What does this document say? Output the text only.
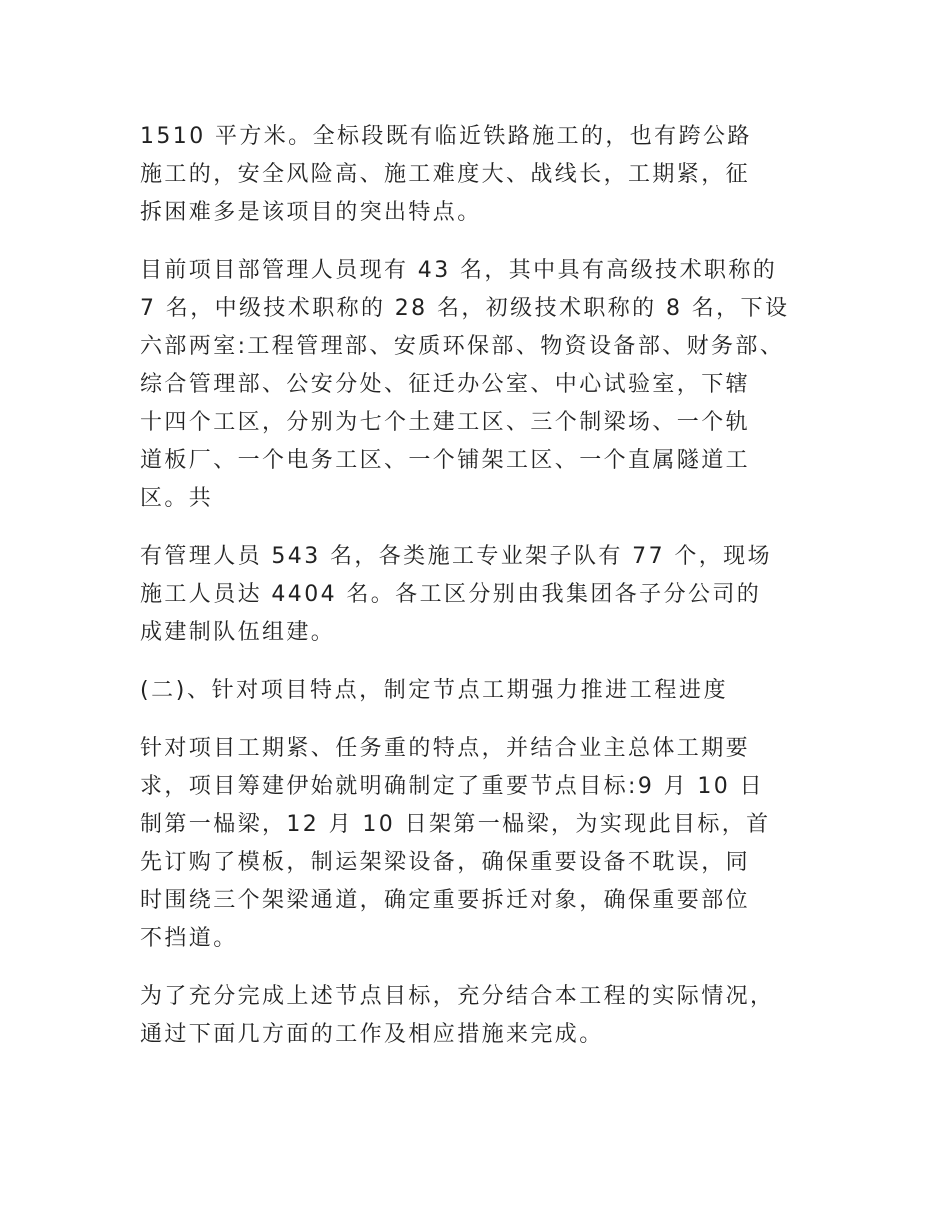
1510 平方米。全标段既有临近铁路施工的，也有跨公路
施工的，安全风险高、施工难度大、战线长，工期紧，征
拆困难多是该项目的突出特点。

目前项目部管理人员现有 43 名，其中具有高级技术职称的
7 名，中级技术职称的 28 名，初级技术职称的 8 名，下设
六部两室:工程管理部、安质环保部、物资设备部、财务部、
综合管理部、公安分处、征迁办公室、中心试验室，下辖
十四个工区，分别为七个土建工区、三个制梁场、一个轨
道板厂、一个电务工区、一个铺架工区、一个直属隧道工
区。共

有管理人员 543 名，各类施工专业架子队有 77 个，现场
施工人员达 4404 名。各工区分别由我集团各子分公司的
成建制队伍组建。

(二)、针对项目特点，制定节点工期强力推进工程进度

针对项目工期紧、任务重的特点，并结合业主总体工期要
求，项目筹建伊始就明确制定了重要节点目标:9 月 10 日
制第一榀梁，12 月 10 日架第一榀梁，为实现此目标，首
先订购了模板，制运架梁设备，确保重要设备不耽误，同
时围绕三个架梁通道，确定重要拆迁对象，确保重要部位
不挡道。

为了充分完成上述节点目标，充分结合本工程的实际情况，
通过下面几方面的工作及相应措施来完成。
